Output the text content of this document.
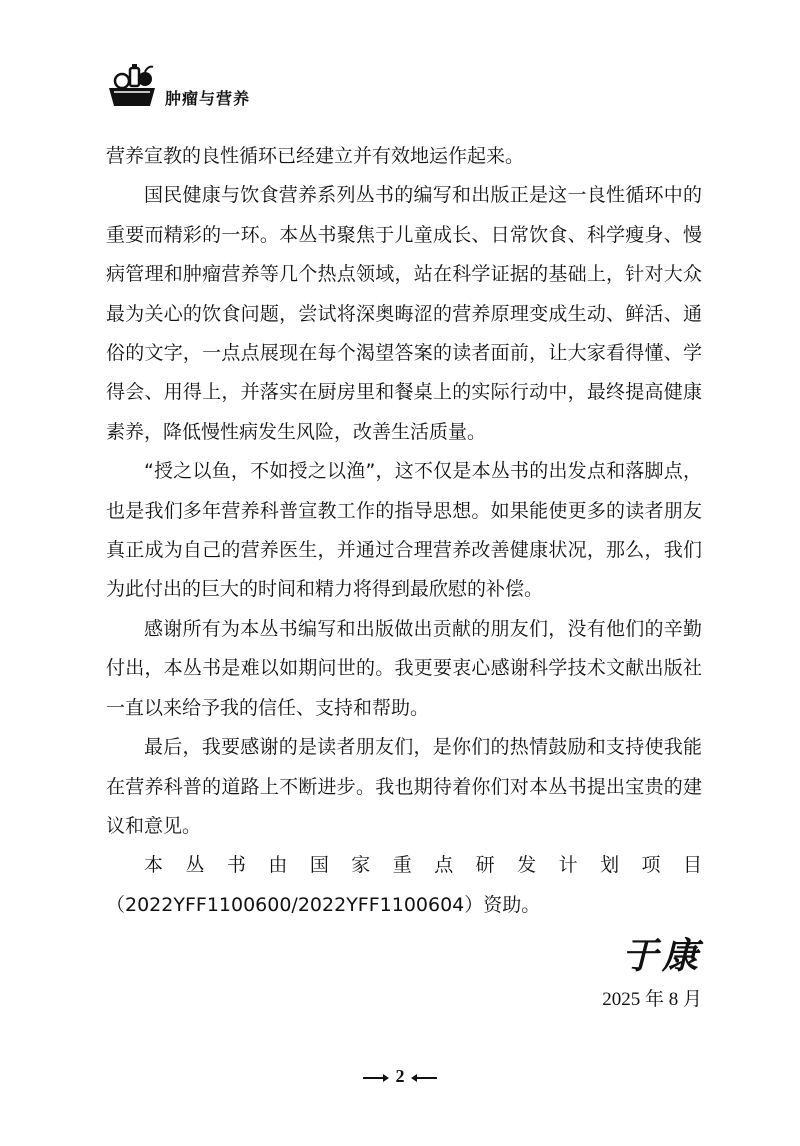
肿瘤与营养

营养宣教的良性循环已经建立并有效地运作起来。

国民健康与饮食营养系列丛书的编写和出版正是这一良性循环中的重要而精彩的一环。本丛书聚焦于儿童成长、日常饮食、科学瘦身、慢病管理和肿瘤营养等几个热点领域，站在科学证据的基础上，针对大众最为关心的饮食问题，尝试将深奥晦涩的营养原理变成生动、鲜活、通俗的文字，一点点展现在每个渴望答案的读者面前，让大家看得懂、学得会、用得上，并落实在厨房里和餐桌上的实际行动中，最终提高健康素养，降低慢性病发生风险，改善生活质量。

“授之以鱼，不如授之以渔”，这不仅是本丛书的出发点和落脚点，也是我们多年营养科普宣教工作的指导思想。如果能使更多的读者朋友真正成为自己的营养医生，并通过合理营养改善健康状况，那么，我们为此付出的巨大的时间和精力将得到最欣慰的补偿。

感谢所有为本丛书编写和出版做出贡献的朋友们，没有他们的辛勤付出，本丛书是难以如期问世的。我更要衷心感谢科学技术文献出版社一直以来给予我的信任、支持和帮助。

最后，我要感谢的是读者朋友们，是你们的热情鼓励和支持使我能在营养科普的道路上不断进步。我也期待着你们对本丛书提出宝贵的建议和意见。

本丛书由国家重点研发计划项目（2022YFF1100600/2022YFF1100604）资助。

于康
2025 年 8 月
2
